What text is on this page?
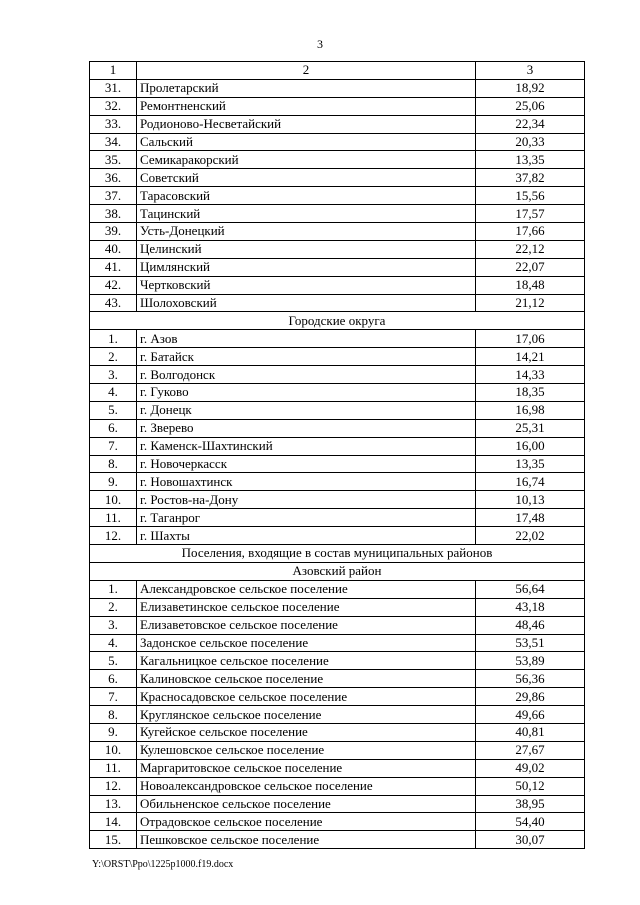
3
1	2	3
31.	Пролетарский	18,92
32.	Ремонтненский	25,06
33.	Родионово-Несветайский	22,34
34.	Сальский	20,33
35.	Семикаракорский	13,35
36.	Советский	37,82
37.	Тарасовский	15,56
38.	Тацинский	17,57
39.	Усть-Донецкий	17,66
40.	Целинский	22,12
41.	Цимлянский	22,07
42.	Чертковский	18,48
43.	Шолоховский	21,12
Городские округа		
1.	г. Азов	17,06
2.	г. Батайск	14,21
3.	г. Волгодонск	14,33
4.	г. Гуково	18,35
5.	г. Донецк	16,98
6.	г. Зверево	25,31
7.	г. Каменск-Шахтинский	16,00
8.	г. Новочеркасск	13,35
9.	г. Новошахтинск	16,74
10.	г. Ростов-на-Дону	10,13
11.	г. Таганрог	17,48
12.	г. Шахты	22,02
Поселения, входящие в состав муниципальных районов		
Азовский район		
1.	Александровское сельское поселение	56,64
2.	Елизаветинское сельское поселение	43,18
3.	Елизаветовское сельское поселение	48,46
4.	Задонское сельское поселение	53,51
5.	Кагальницкое сельское поселение	53,89
6.	Калиновское сельское поселение	56,36
7.	Красносадовское сельское поселение	29,86
8.	Круглянское сельское поселение	49,66
9.	Кугейское сельское поселение	40,81
10.	Кулешовское сельское поселение	27,67
11.	Маргаритовское сельское поселение	49,02
12.	Новоалександровское сельское поселение	50,12
13.	Обильненское сельское поселение	38,95
14.	Отрадовское сельское поселение	54,40
15.	Пешковское сельское поселение	30,07
Y:\ORST\Ppo\1225p1000.f19.docx
